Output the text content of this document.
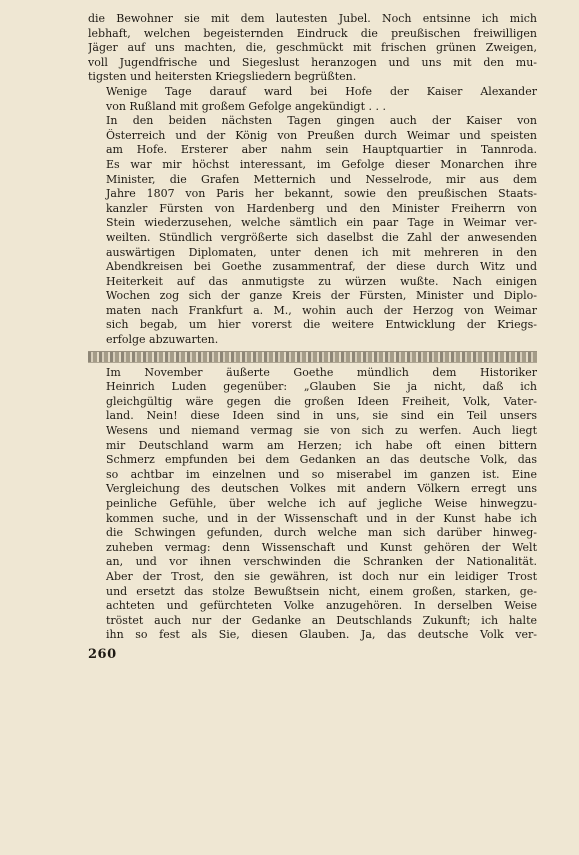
die Bewohner sie mit dem lautesten Jubel. Noch entsinne ich mich
lebhaft, welchen begeisternden Eindruck die preußischen freiwilligen
Jäger auf uns machten, die, geschmückt mit frischen grünen Zweigen,
voll Jugendfrische und Siegeslust heranzogen und uns mit den mu-
tigsten und heitersten Kriegsliedern begrüßten.
Wenige Tage darauf ward bei Hofe der Kaiser Alexander
von Rußland mit großem Gefolge angekündigt . . .
In den beiden nächsten Tagen gingen auch der Kaiser von
Österreich und der König von Preußen durch Weimar und speisten
am Hofe. Ersterer aber nahm sein Hauptquartier in Tannroda.
Es war mir höchst interessant, im Gefolge dieser Monarchen ihre
Minister, die Grafen Metternich und Nesselrode, mir aus dem
Jahre 1807 von Paris her bekannt, sowie den preußischen Staats-
kanzler Fürsten von Hardenberg und den Minister Freiherrn von
Stein wiederzusehen, welche sämtlich ein paar Tage in Weimar ver-
weilten. Stündlich vergrößerte sich daselbst die Zahl der anwesenden
auswärtigen Diplomaten, unter denen ich mit mehreren in den
Abendkreisen bei Goethe zusammentraf, der diese durch Witz und
Heiterkeit auf das anmutigste zu würzen wußte. Nach einigen
Wochen zog sich der ganze Kreis der Fürsten, Minister und Diplo-
maten nach Frankfurt a. M., wohin auch der Herzog von Weimar
sich begab, um hier vorerst die weitere Entwicklung der Kriegs-
erfolge abzuwarten.
Im November äußerte Goethe mündlich dem Historiker
Heinrich Luden gegenüber: „Glauben Sie ja nicht, daß ich
gleichgültig wäre gegen die großen Ideen Freiheit, Volk, Vater-
land. Nein! diese Ideen sind in uns, sie sind ein Teil unsers
Wesens und niemand vermag sie von sich zu werfen. Auch liegt
mir Deutschland warm am Herzen; ich habe oft einen bittern
Schmerz empfunden bei dem Gedanken an das deutsche Volk, das
so achtbar im einzelnen und so miserabel im ganzen ist. Eine
Vergleichung des deutschen Volkes mit andern Völkern erregt uns
peinliche Gefühle, über welche ich auf jegliche Weise hinwegzu-
kommen suche, und in der Wissenschaft und in der Kunst habe ich
die Schwingen gefunden, durch welche man sich darüber hinweg-
zuheben vermag: denn Wissenschaft und Kunst gehören der Welt
an, und vor ihnen verschwinden die Schranken der Nationalität.
Aber der Trost, den sie gewähren, ist doch nur ein leidiger Trost
und ersetzt das stolze Bewußtsein nicht, einem großen, starken, ge-
achteten und gefürchteten Volke anzugehören. In derselben Weise
tröstet auch nur der Gedanke an Deutschlands Zukunft; ich halte
ihn so fest als Sie, diesen Glauben. Ja, das deutsche Volk ver-
260
